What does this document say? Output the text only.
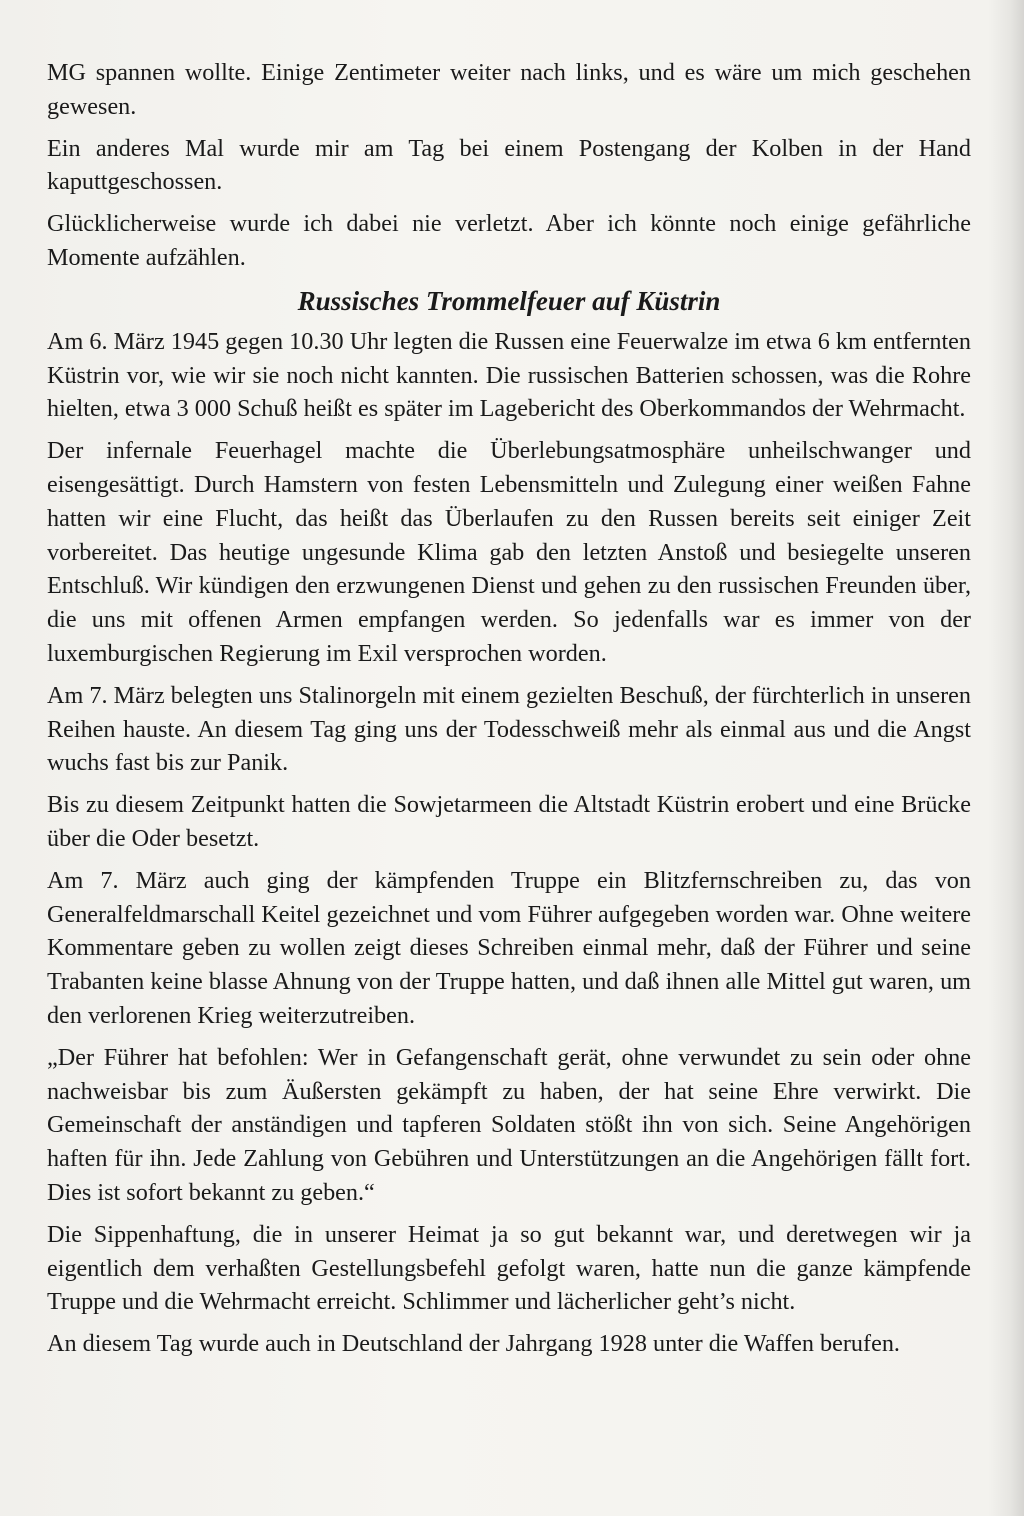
MG spannen wollte. Einige Zentimeter weiter nach links, und es wäre um mich geschehen gewesen.

Ein anderes Mal wurde mir am Tag bei einem Postengang der Kolben in der Hand kaputtgeschossen.

Glücklicherweise wurde ich dabei nie verletzt. Aber ich könnte noch einige gefährliche Momente aufzählen.

Russisches Trommelfeuer auf Küstrin

Am 6. März 1945 gegen 10.30 Uhr legten die Russen eine Feuerwalze im etwa 6 km entfernten Küstrin vor, wie wir sie noch nicht kannten. Die russischen Batterien schossen, was die Rohre hielten, etwa 3 000 Schuß heißt es später im Lagebericht des Oberkommandos der Wehrmacht.

Der infernale Feuerhagel machte die Überlebungsatmosphäre unheilschwanger und eisengesättigt. Durch Hamstern von festen Lebensmitteln und Zulegung einer weißen Fahne hatten wir eine Flucht, das heißt das Überlaufen zu den Russen bereits seit einiger Zeit vorbereitet. Das heutige ungesunde Klima gab den letzten Anstoß und besiegelte unseren Entschluß. Wir kündigen den erzwungenen Dienst und gehen zu den russischen Freunden über, die uns mit offenen Armen empfangen werden. So jedenfalls war es immer von der luxemburgischen Regierung im Exil versprochen worden.

Am 7. März belegten uns Stalinorgeln mit einem gezielten Beschuß, der fürchterlich in unseren Reihen hauste. An diesem Tag ging uns der Todesschweiß mehr als einmal aus und die Angst wuchs fast bis zur Panik.

Bis zu diesem Zeitpunkt hatten die Sowjetarmeen die Altstadt Küstrin erobert und eine Brücke über die Oder besetzt.

Am 7. März auch ging der kämpfenden Truppe ein Blitzfernschreiben zu, das von Generalfeldmarschall Keitel gezeichnet und vom Führer aufgegeben worden war. Ohne weitere Kommentare geben zu wollen zeigt dieses Schreiben einmal mehr, daß der Führer und seine Trabanten keine blasse Ahnung von der Truppe hatten, und daß ihnen alle Mittel gut waren, um den verlorenen Krieg weiterzutreiben.

„Der Führer hat befohlen: Wer in Gefangenschaft gerät, ohne verwundet zu sein oder ohne nachweisbar bis zum Äußersten gekämpft zu haben, der hat seine Ehre verwirkt. Die Gemeinschaft der anständigen und tapferen Soldaten stößt ihn von sich. Seine Angehörigen haften für ihn. Jede Zahlung von Gebühren und Unterstützungen an die Angehörigen fällt fort. Dies ist sofort bekannt zu geben.“

Die Sippenhaftung, die in unserer Heimat ja so gut bekannt war, und deretwegen wir ja eigentlich dem verhaßten Gestellungsbefehl gefolgt waren, hatte nun die ganze kämpfende Truppe und die Wehrmacht erreicht. Schlimmer und lächerlicher geht’s nicht.

An diesem Tag wurde auch in Deutschland der Jahrgang 1928 unter die Waffen berufen.
